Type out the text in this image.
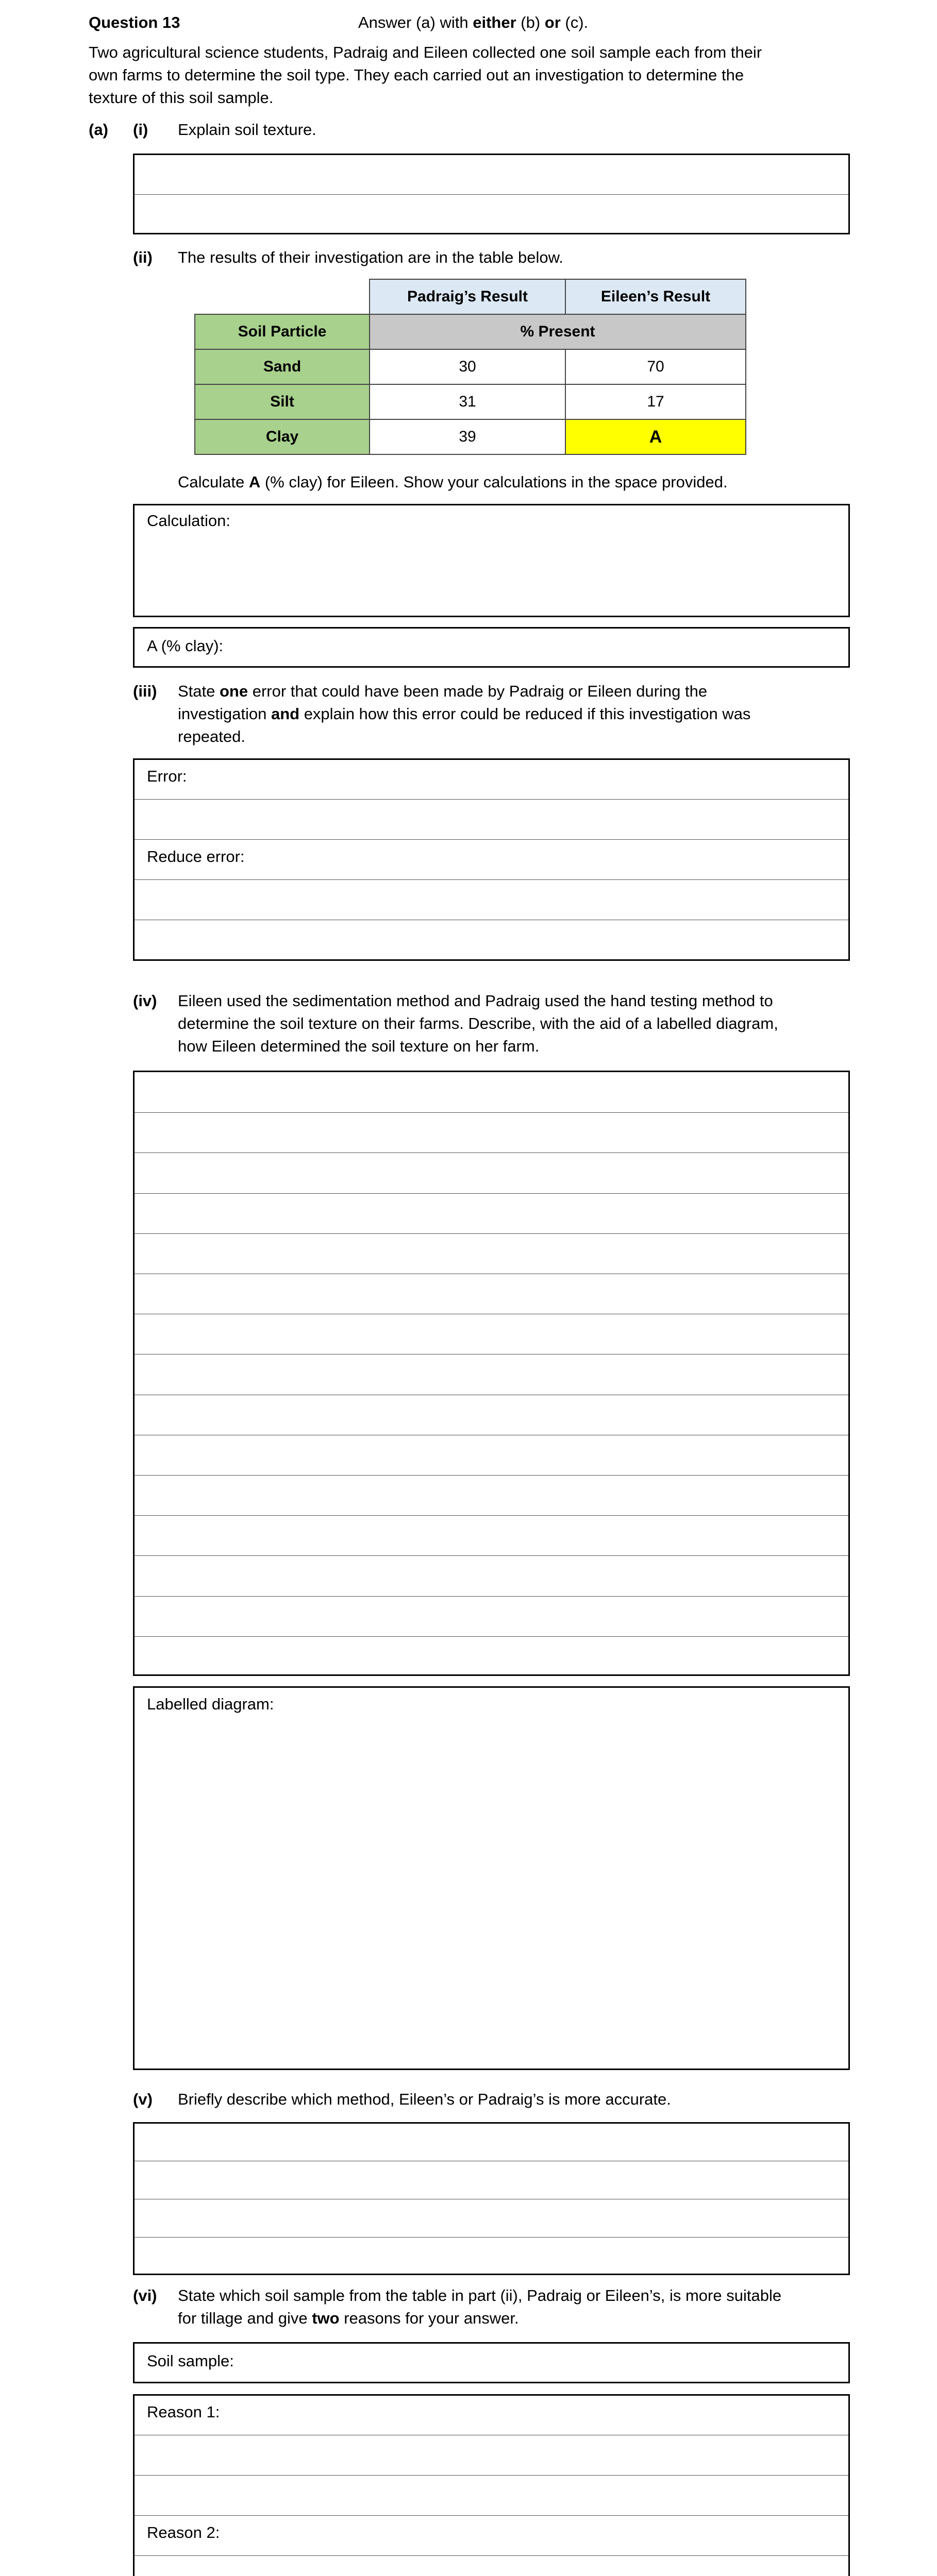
Question 13	Answer (a) with either (b) or (c).
Two agricultural science students, Padraig and Eileen collected one soil sample each from their
own farms to determine the soil type. They each carried out an investigation to determine the
texture of this soil sample.
(a) (i) Explain soil texture.
(ii) The results of their investigation are in the table below.
	Padraig’s Result	Eileen’s Result
Soil Particle	% Present	
Sand	30	70
Silt	31	17
Clay	39	A
Calculate A (% clay) for Eileen. Show your calculations in the space provided.
Calculation:
A (% clay):
(iii) State one error that could have been made by Padraig or Eileen during the
investigation and explain how this error could be reduced if this investigation was
repeated.
Error:
Reduce error:
(iv) Eileen used the sedimentation method and Padraig used the hand testing method to
determine the soil texture on their farms. Describe, with the aid of a labelled diagram,
how Eileen determined the soil texture on her farm.
Labelled diagram:
(v) Briefly describe which method, Eileen’s or Padraig’s is more accurate.
(vi) State which soil sample from the table in part (ii), Padraig or Eileen’s, is more suitable
for tillage and give two reasons for your answer.
Soil sample:
Reason 1:
Reason 2:
